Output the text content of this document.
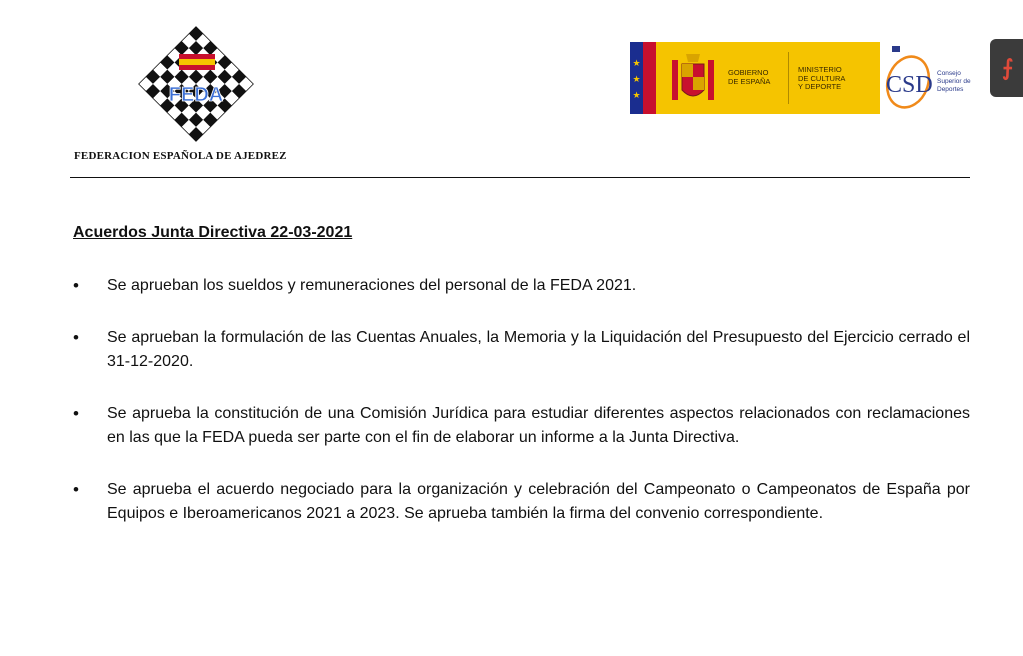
FEDA
FEDERACION ESPAÑOLA DE AJEDREZ
★
★
★
GOBIERNO
DE ESPAÑA
MINISTERIO
DE CULTURA
Y DEPORTE CSD Consejo
Superior de
Deportes
⨍
Acuerdos Junta Directiva 22-03-2021
• Se aprueban los sueldos y remuneraciones del personal de la FEDA 2021.
• Se aprueban la formulación de las Cuentas Anuales, la Memoria y la Liquidación del Presupuesto del Ejercicio cerrado el 31-12-2020.
• Se aprueba la constitución de una Comisión Jurídica para estudiar diferentes aspectos relacionados con reclamaciones en las que la FEDA pueda ser parte con el fin de elaborar un informe a la Junta Directiva.
• Se aprueba el acuerdo negociado para la organización y celebración del Campeonato o Campeonatos de España por Equipos e Iberoamericanos 2021 a 2023. Se aprueba también la firma del convenio correspondiente.
